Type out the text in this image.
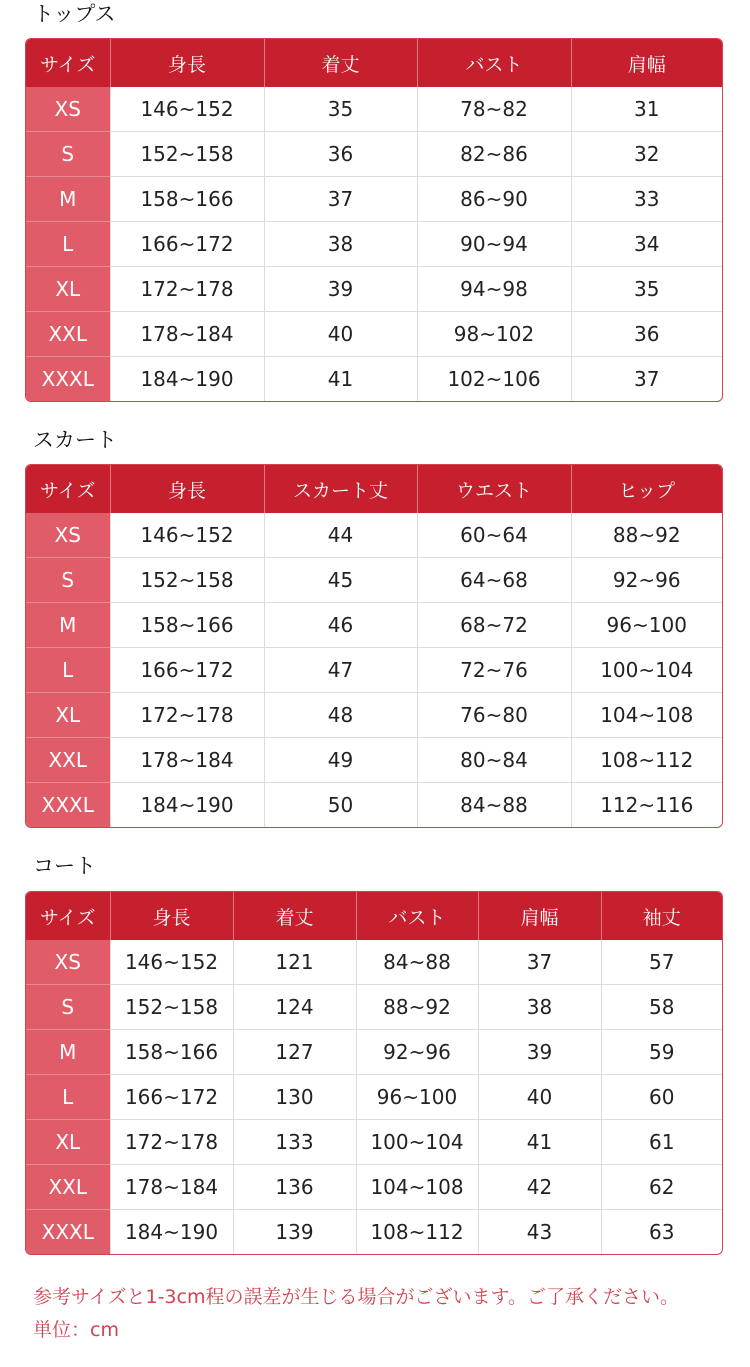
トップス
サイズ	身長	着丈	バスト	肩幅
XS	146~152	35	78~82	31
S	152~158	36	82~86	32
M	158~166	37	86~90	33
L	166~172	38	90~94	34
XL	172~178	39	94~98	35
XXL	178~184	40	98~102	36
XXXL	184~190	41	102~106	37
スカート
サイズ	身長	スカート丈	ウエスト	ヒップ
XS	146~152	44	60~64	88~92
S	152~158	45	64~68	92~96
M	158~166	46	68~72	96~100
L	166~172	47	72~76	100~104
XL	172~178	48	76~80	104~108
XXL	178~184	49	80~84	108~112
XXXL	184~190	50	84~88	112~116
コート
サイズ	身長	着丈	バスト	肩幅	袖丈
XS	146~152	121	84~88	37	57
S	152~158	124	88~92	38	58
M	158~166	127	92~96	39	59
L	166~172	130	96~100	40	60
XL	172~178	133	100~104	41	61
XXL	178~184	136	104~108	42	62
XXXL	184~190	139	108~112	43	63
参考サイズと1-3cm程の誤差が生じる場合がございます。ご了承ください。
単位：cm
